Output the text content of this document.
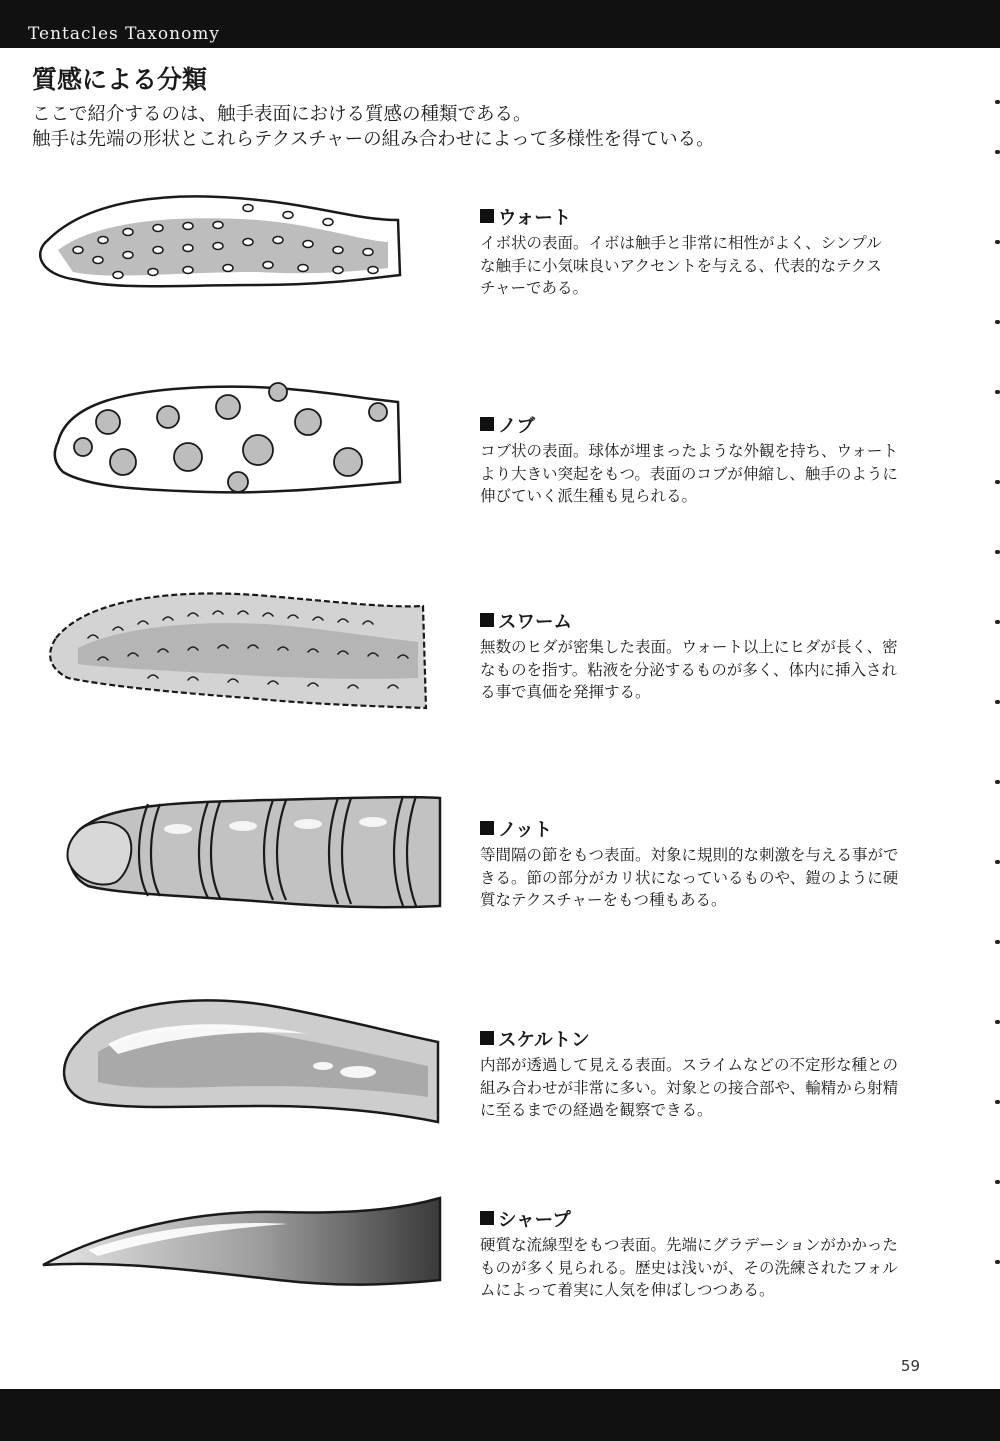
Tentacles Taxonomy
質感による分類
ここで紹介するのは、触手表面における質感の種類である。
触手は先端の形状とこれらテクスチャーの組み合わせによって多様性を得ている。
ウォート

イボ状の表面。イボは触手と非常に相性がよく、シンプル
な触手に小気味良いアクセントを与える、代表的なテクス
チャーである。

ノブ

コブ状の表面。球体が埋まったような外観を持ち、ウォート
より大きい突起をもつ。表面のコブが伸縮し、触手のように
伸びていく派生種も見られる。

スワーム

無数のヒダが密集した表面。ウォート以上にヒダが長く、密
なものを指す。粘液を分泌するものが多く、体内に挿入され
る事で真価を発揮する。

ノット

等間隔の節をもつ表面。対象に規則的な刺激を与える事がで
きる。節の部分がカリ状になっているものや、鎧のように硬
質なテクスチャーをもつ種もある。

スケルトン

内部が透過して見える表面。スライムなどの不定形な種との
組み合わせが非常に多い。対象との接合部や、輸精から射精
に至るまでの経過を観察できる。

シャープ

硬質な流線型をもつ表面。先端にグラデーションがかかった
ものが多く見られる。歴史は浅いが、その洗練されたフォル
ムによって着実に人気を伸ばしつつある。

59
